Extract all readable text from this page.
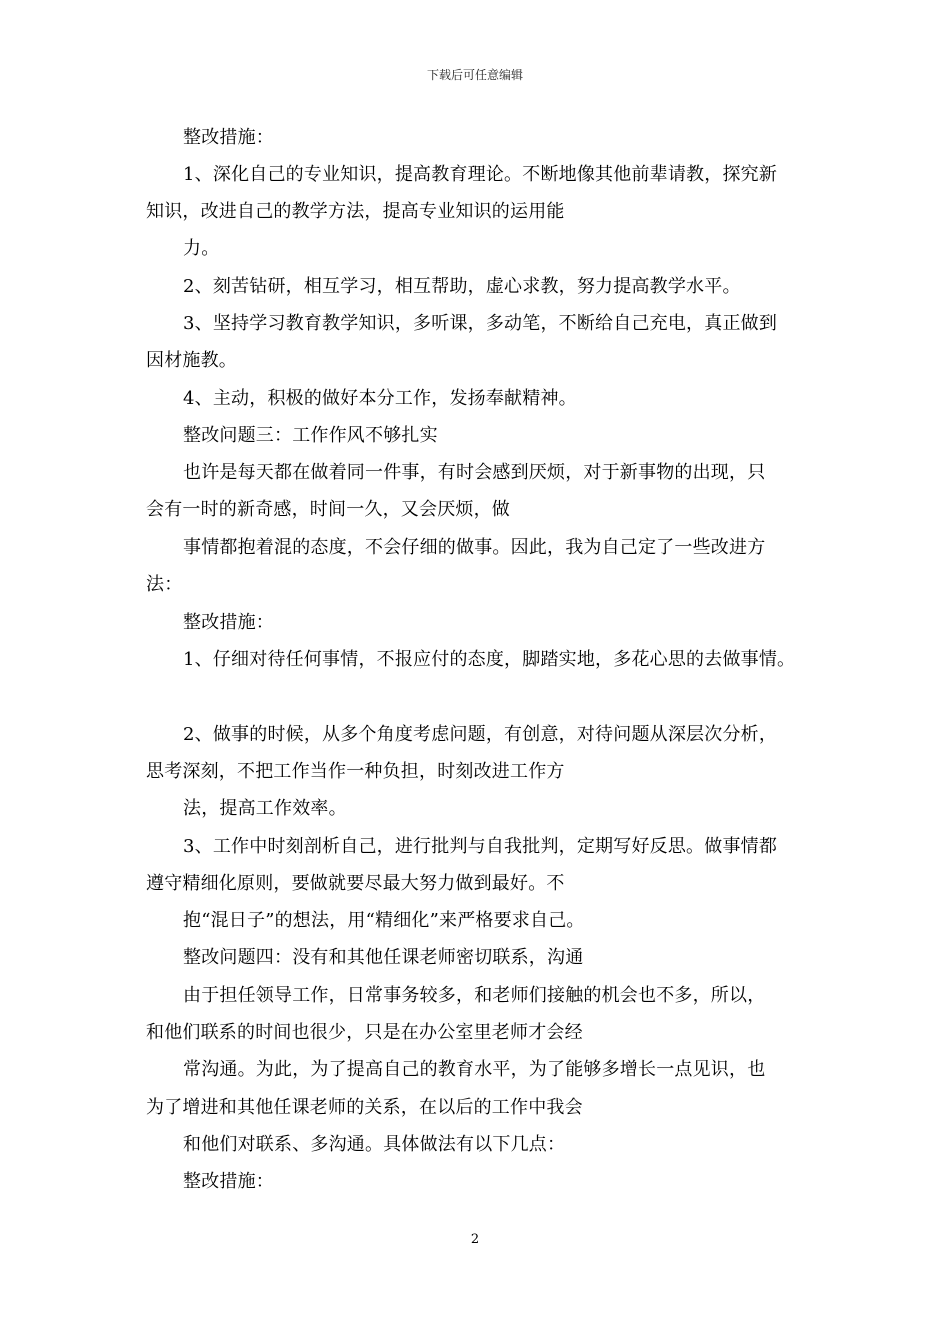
下载后可任意编辑
整改措施：
1、深化自己的专业知识，提高教育理论。不断地像其他前辈请教，探究新
知识，改进自己的教学方法，提高专业知识的运用能
力。
2、刻苦钻研，相互学习，相互帮助，虚心求教，努力提高教学水平。
3、坚持学习教育教学知识，多听课，多动笔，不断给自己充电，真正做到
因材施教。
4、主动，积极的做好本分工作，发扬奉献精神。
整改问题三：工作作风不够扎实
也许是每天都在做着同一件事，有时会感到厌烦，对于新事物的出现，只
会有一时的新奇感，时间一久，又会厌烦，做
事情都抱着混的态度，不会仔细的做事。因此，我为自己定了一些改进方
法：
整改措施：
1、仔细对待任何事情，不报应付的态度，脚踏实地，多花心思的去做事情。
2、做事的时候，从多个角度考虑问题，有创意，对待问题从深层次分析，
思考深刻，不把工作当作一种负担，时刻改进工作方
法，提高工作效率。
3、工作中时刻剖析自己，进行批判与自我批判，定期写好反思。做事情都
遵守精细化原则，要做就要尽最大努力做到最好。不
抱“混日子”的想法，用“精细化”来严格要求自己。
整改问题四：没有和其他任课老师密切联系，沟通
由于担任领导工作，日常事务较多，和老师们接触的机会也不多，所以，
和他们联系的时间也很少，只是在办公室里老师才会经
常沟通。为此，为了提高自己的教育水平，为了能够多增长一点见识，也
为了增进和其他任课老师的关系，在以后的工作中我会
和他们对联系、多沟通。具体做法有以下几点：
整改措施：
2
